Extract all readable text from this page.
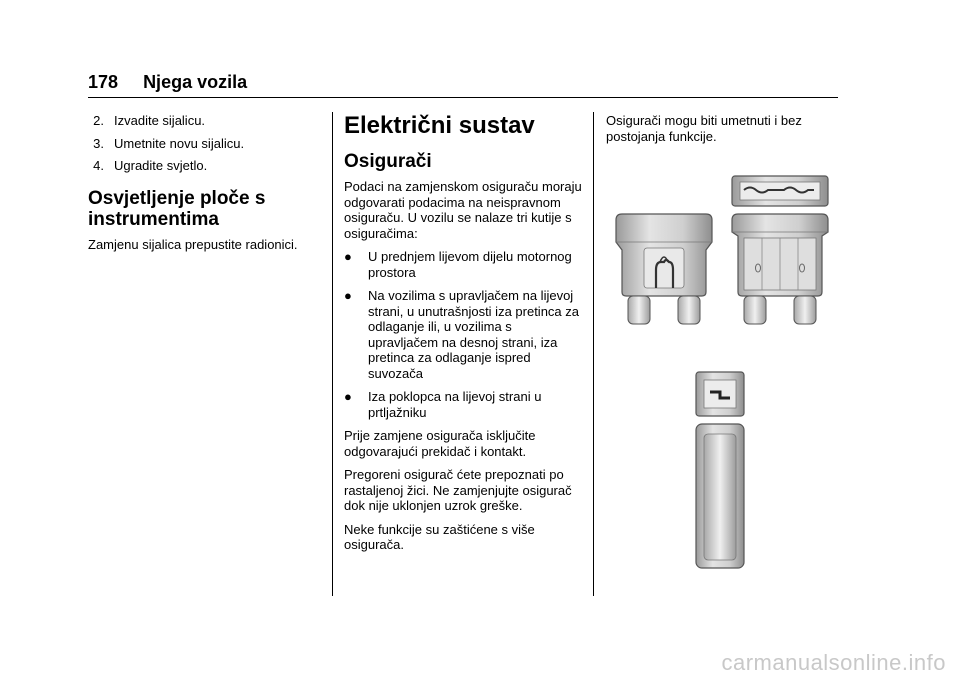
178 Njega vozila
2. Izvadite sijalicu.
3. Umetnite novu sijalicu.
4. Ugradite svjetlo.
Osvjetljenje ploče s
instrumentima

Zamjenu sijalica prepustite radionici.

Električni sustav
Osigurači

Podaci na zamjenskom osiguraču moraju odgovarati podacima na neispravnom osiguraču. U vozilu se nalaze tri kutije s osiguračima:

●	U prednjem lijevom dijelu motornog prostora
●	Na vozilima s upravljačem na lijevoj strani, u unutrašnjosti iza pretinca za odlaganje ili, u vozilima s upravljačem na desnoj strani, iza pretinca za odlaganje ispred suvozača
●	Iza poklopca na lijevoj strani u prtljažniku

Prije zamjene osigurača isključite odgovarajući prekidač i kontakt.

Pregoreni osigurač ćete prepoznati po rastaljenoj žici. Ne zamjenjujte osigurač dok nije uklonjen uzrok greške.

Neke funkcije su zaštićene s više osigurača.

Osigurači mogu biti umetnuti i bez postojanja funkcije.

carmanualsonline.info
